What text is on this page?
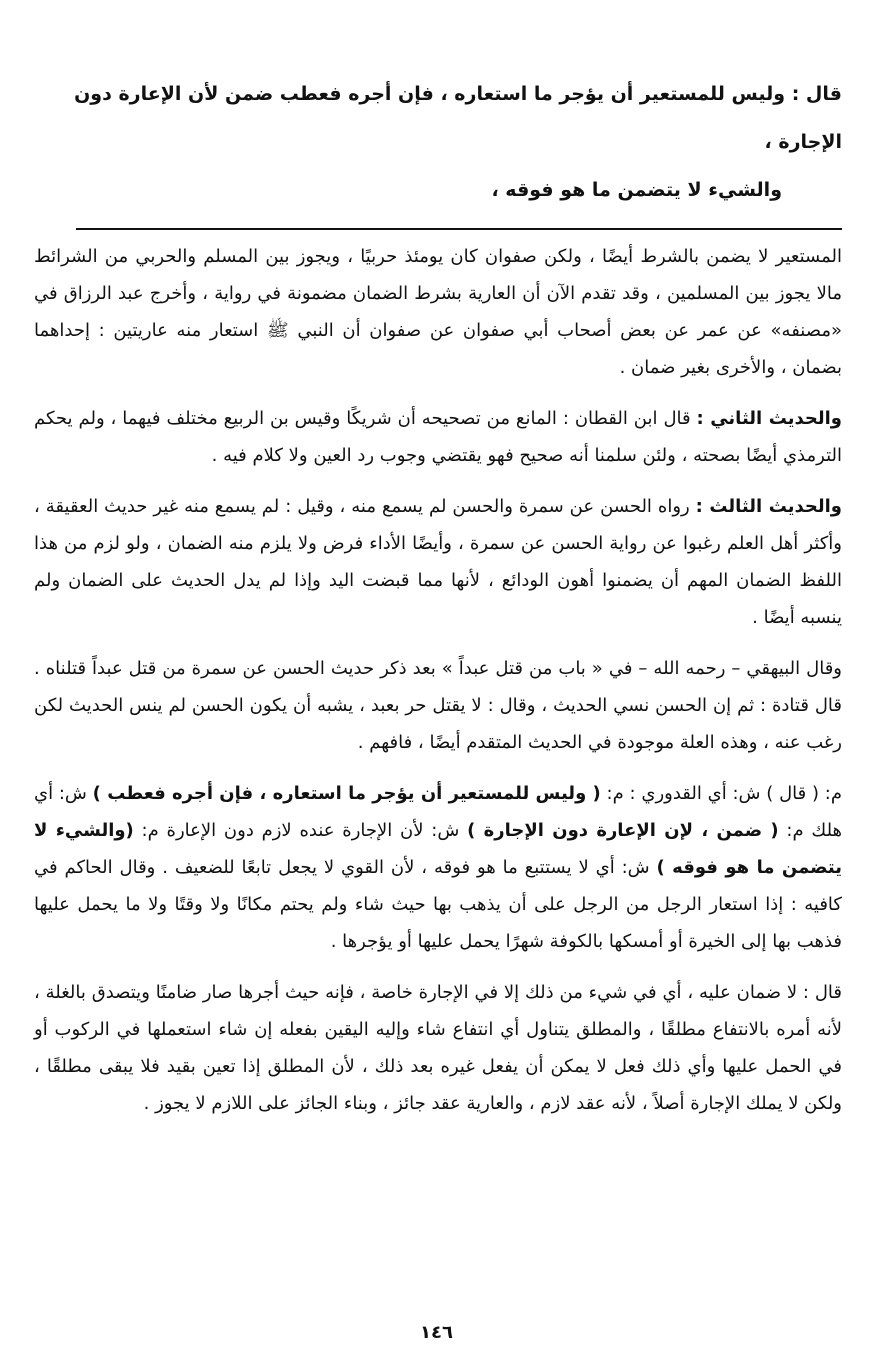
قال : وليس للمستعير أن يؤجر ما استعاره ، فإن أجره فعطب ضمن لأن الإعارة دون الإجارة ،

والشيء لا يتضمن ما هو فوقه ،

المستعير لا يضمن بالشرط أيضًا ، ولكن صفوان كان يومئذ حربيًا ، ويجوز بين المسلم والحربي من الشرائط مالا يجوز بين المسلمين ، وقد تقدم الآن أن العارية بشرط الضمان مضمونة في رواية ، وأخرج عبد الرزاق في «مصنفه» عن عمر عن بعض أصحاب أبي صفوان عن صفوان أن النبي ﷺ استعار منه عاريتين : إحداهما بضمان ، والأخرى بغير ضمان .

والحديث الثاني : قال ابن القطان : المانع من تصحيحه أن شريكًا وقيس بن الربيع مختلف فيهما ، ولم يحكم الترمذي أيضًا بصحته ، ولئن سلمنا أنه صحيح فهو يقتضي وجوب رد العين ولا كلام فيه .

والحديث الثالث : رواه الحسن عن سمرة والحسن لم يسمع منه ، وقيل : لم يسمع منه غير حديث العقيقة ، وأكثر أهل العلم رغبوا عن رواية الحسن عن سمرة ، وأيضًا الأداء فرض ولا يلزم منه الضمان ، ولو لزم من هذا اللفظ الضمان المهم أن يضمنوا أهون الودائع ، لأنها مما قبضت اليد وإذا لم يدل الحديث على الضمان ولم ينسبه أيضًا .

وقال البيهقي – رحمه الله – في « باب من قتل عبداً » بعد ذكر حديث الحسن عن سمرة من قتل عبداً قتلناه . قال قتادة : ثم إن الحسن نسي الحديث ، وقال : لا يقتل حر بعبد ، يشبه أن يكون الحسن لم ينس الحديث لكن رغب عنه ، وهذه العلة موجودة في الحديث المتقدم أيضًا ، فافهم .

م: ( قال ) ش: أي القدوري : م: ( وليس للمستعير أن يؤجر ما استعاره ، فإن أجره فعطب ) ش: أي هلك م: ( ضمن ، لإن الإعارة دون الإجارة ) ش: لأن الإجارة عنده لازم دون الإعارة م: (والشيء لا يتضمن ما هو فوقه ) ش: أي لا يستتبع ما هو فوقه ، لأن القوي لا يجعل تابعًا للضعيف . وقال الحاكم في كافيه : إذا استعار الرجل من الرجل على أن يذهب بها حيث شاء ولم يحتم مكانًا ولا وقتًا ولا ما يحمل عليها فذهب بها إلى الخيرة أو أمسكها بالكوفة شهرًا يحمل عليها أو يؤجرها .

قال : لا ضمان عليه ، أي في شيء من ذلك إلا في الإجارة خاصة ، فإنه حيث أجرها صار ضامنًا ويتصدق بالغلة ، لأنه أمره بالانتفاع مطلقًا ، والمطلق يتناول أي انتفاع شاء وإليه اليقين بفعله إن شاء استعملها في الركوب أو في الحمل عليها وأي ذلك فعل لا يمكن أن يفعل غيره بعد ذلك ، لأن المطلق إذا تعين بقيد فلا يبقى مطلقًا ، ولكن لا يملك الإجارة أصلاً ، لأنه عقد لازم ، والعارية عقد جائز ، وبناء الجائز على اللازم لا يجوز .

١٤٦
